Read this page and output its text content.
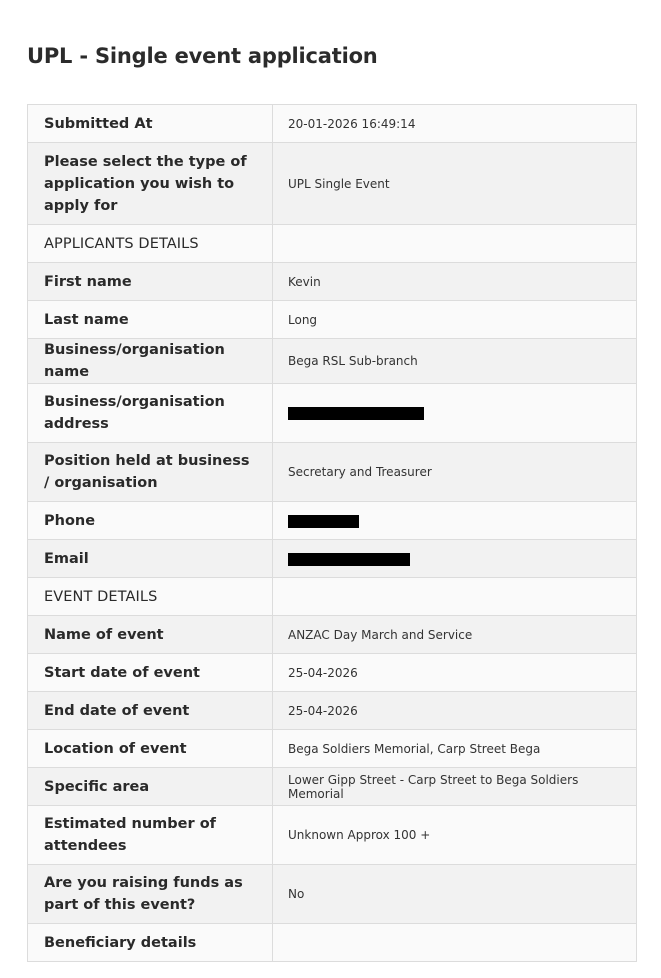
UPL - Single event application
Submitted At	20-01-2026 16:49:14
Please select the type of application you wish to apply for	UPL Single Event
APPLICANTS DETAILS	
First name	Kevin
Last name	Long
Business/organisation name	Bega RSL Sub-branch
Business/organisation address	
Position held at business / organisation	Secretary and Treasurer
Phone	
Email	
EVENT DETAILS	
Name of event	ANZAC Day March and Service
Start date of event	25-04-2026
End date of event	25-04-2026
Location of event	Bega Soldiers Memorial, Carp Street Bega
Specific area	Lower Gipp Street - Carp Street to Bega Soldiers Memorial
Estimated number of attendees	Unknown Approx 100 +
Are you raising funds as part of this event?	No
Beneficiary details	
